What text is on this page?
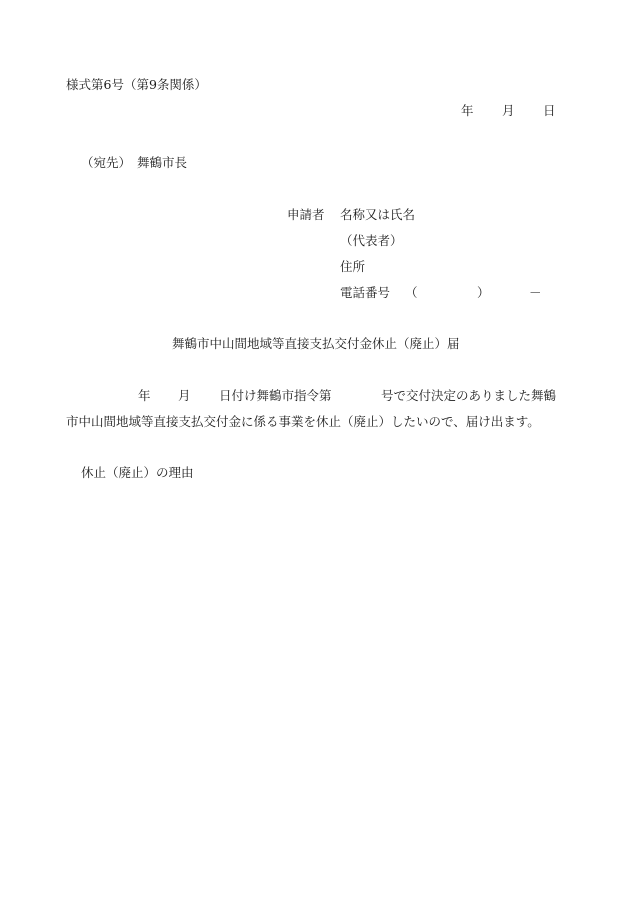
様式第6号（第9条関係）
年 月 日
（宛先） 舞鶴市長
申請者 名称又は氏名
（代表者）
住所
電話番号 （	）	－
舞鶴市中山間地域等直接支払交付金休止（廃止）届
年 月 日付け舞鶴市指令第	号で交付決定のありました舞鶴
市中山間地域等直接支払交付金に係る事業を休止（廃止）したいので、届け出ます。
休止（廃止）の理由
